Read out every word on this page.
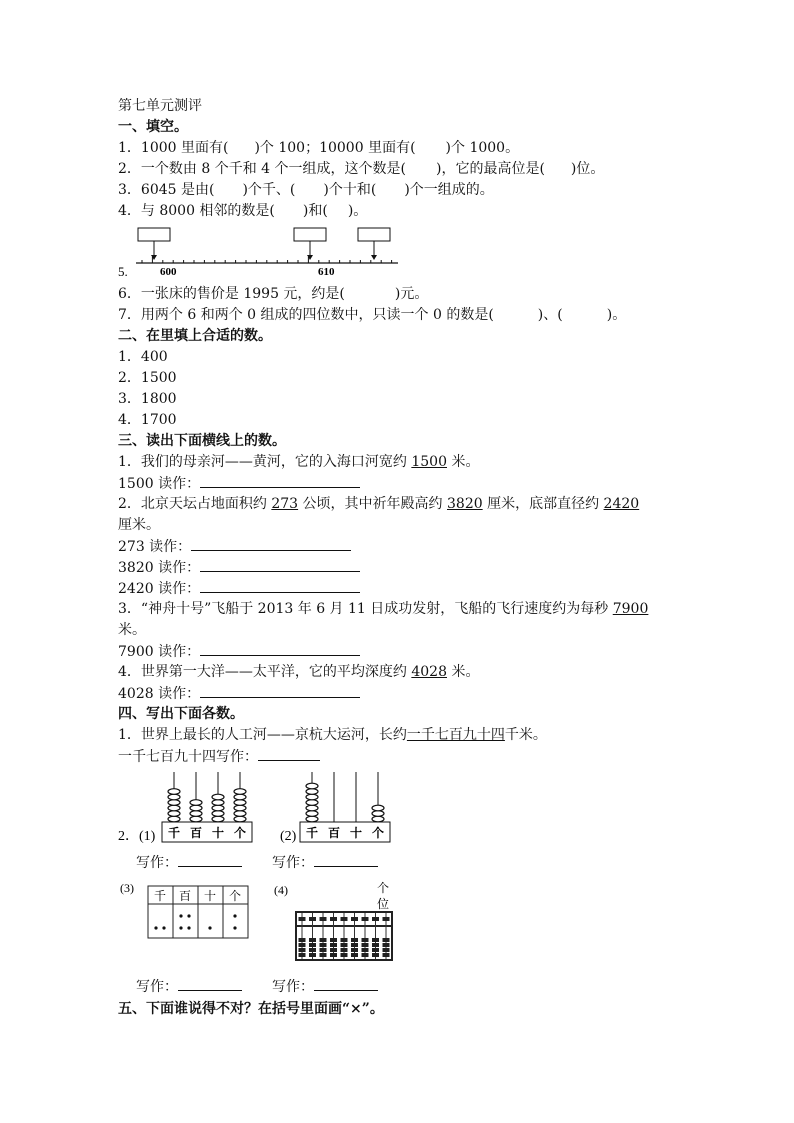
第七单元测评
一、填空。
1．1000 里面有( )个 100；10000 里面有( )个 1000。
2．一个数由 8 个千和 4 个一组成，这个数是( )，它的最高位是( )位。
3．6045 是由( )个千、( )个十和( )个一组成的。
4．与 8000 相邻的数是( )和( )。
6．一张床的售价是 1995 元，约是(	)元。
7．用两个 6 和两个 0 组成的四位数中，只读一个 0 的数是(	)、(	)。
二、在里填上合适的数。
1．400
2．1500
3．1800
4．1700
三、读出下面横线上的数。
1．我们的母亲河——黄河，它的入海口河宽约 1500 米。
1500 读作：
2．北京天坛占地面积约 273 公顷，其中祈年殿高约 3820 厘米，底部直径约 2420
厘米。
273 读作：
3820 读作：
2420 读作：
3．“神舟十号”飞船于 2013 年 6 月 11 日成功发射，飞船的飞行速度约为每秒 7900
米。
7900 读作：
4．世界第一大洋——太平洋，它的平均深度约 4028 米。
4028 读作：
四、写出下面各数。
1．世界上最长的人工河——京杭大运河，长约一千七百九十四千米。
一千七百九十四写作：
5.	600	610
2．(1) 千 百 十 个 (2) 千 百 十 个
写作：	写作：
(3)
千 百 十 个	(4)	个
位
写作：	写作：
五、下面谁说得不对？在括号里面画“×”。
